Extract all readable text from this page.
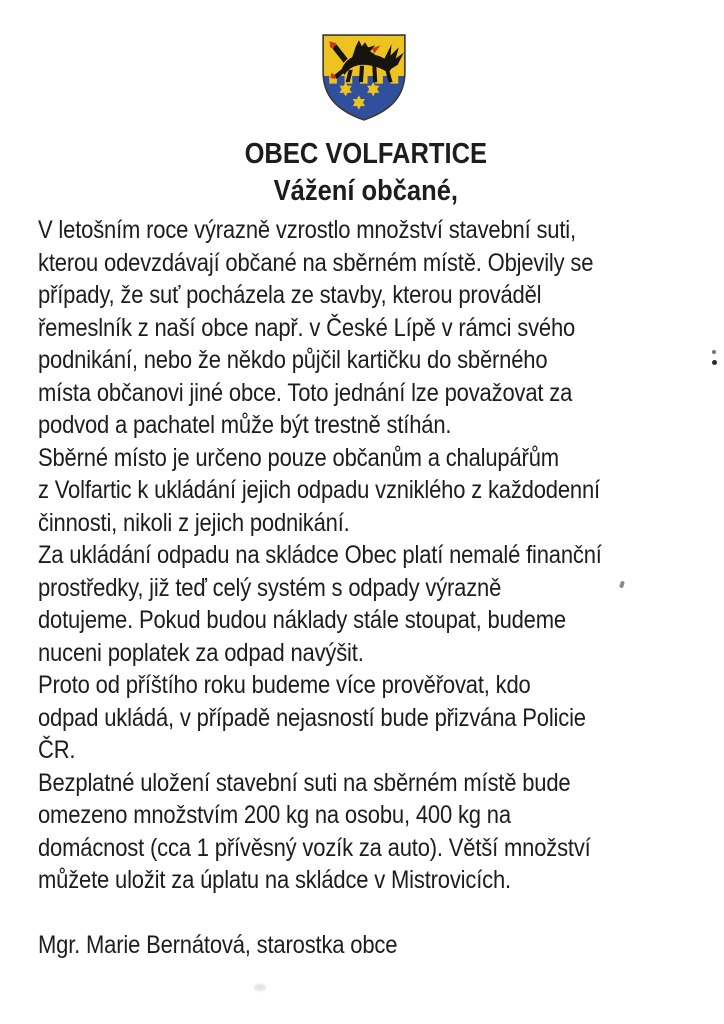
OBEC VOLFARTICE
Vážení občané,

V letošním roce výrazně vzrostlo množství stavební suti,
kterou odevzdávají občané na sběrném místě. Objevily se
případy, že suť pocházela ze stavby, kterou prováděl
řemeslník z naší obce např. v České Lípě v rámci svého
podnikání, nebo že někdo půjčil kartičku do sběrného
místa občanovi jiné obce. Toto jednání lze považovat za
podvod a pachatel může být trestně stíhán.

Sběrné místo je určeno pouze občanům a chalupářům
z Volfartic k ukládání jejich odpadu vzniklého z každodenní
činnosti, nikoli z jejich podnikání.

Za ukládání odpadu na skládce Obec platí nemalé finanční
prostředky, již teď celý systém s odpady výrazně
dotujeme. Pokud budou náklady stále stoupat, budeme
nuceni poplatek za odpad navýšit.

Proto od příštího roku budeme více prověřovat, kdo
odpad ukládá, v případě nejasností bude přizvána Policie
ČR.

Bezplatné uložení stavební suti na sběrném místě bude
omezeno množstvím 200 kg na osobu, 400 kg na
domácnost (cca 1 přívěsný vozík za auto). Větší množství
můžete uložit za úplatu na skládce v Mistrovicích.

Mgr. Marie Bernátová, starostka obce
